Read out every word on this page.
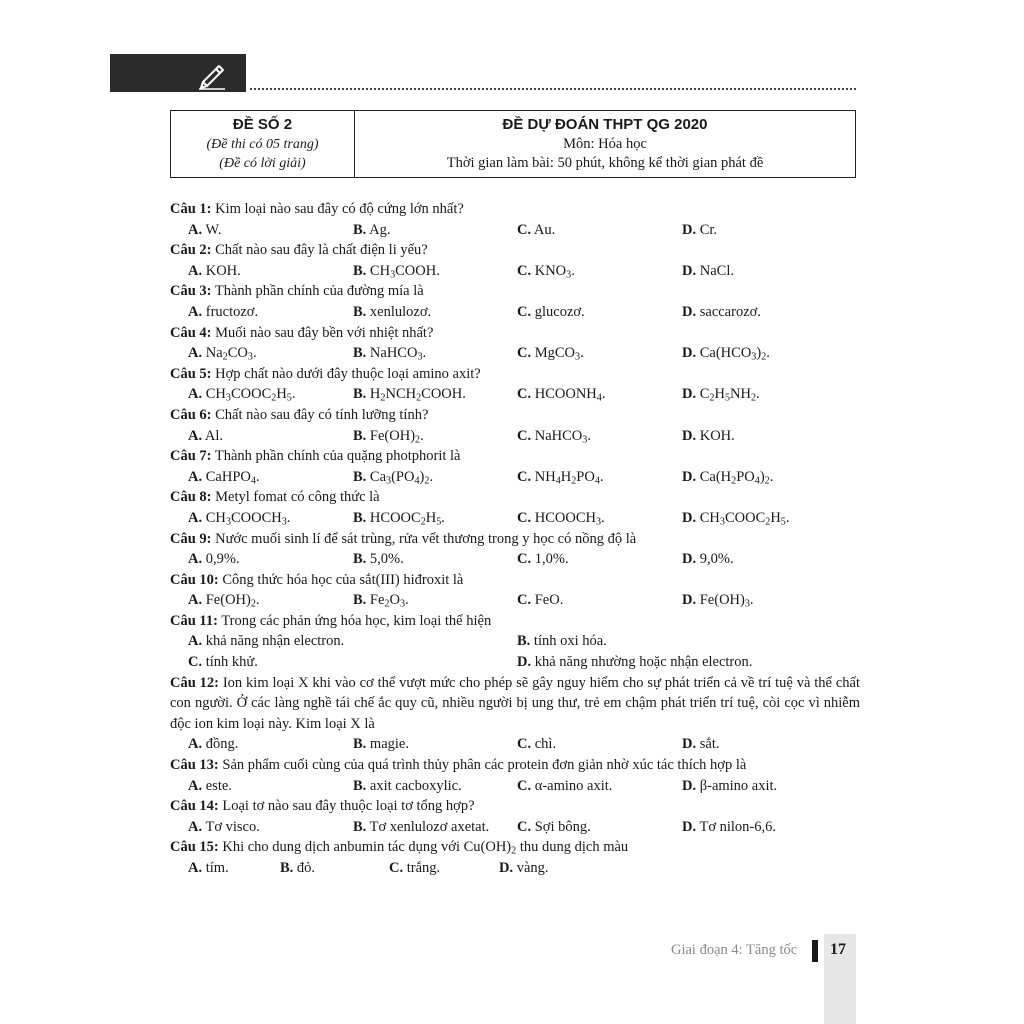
ĐỀ SỐ 2
(Đề thi có 05 trang)
(Đề có lời giải)
ĐỀ DỰ ĐOÁN THPT QG 2020
Môn: Hóa học
Thời gian làm bài: 50 phút, không kể thời gian phát đề
Câu 1: Kim loại nào sau đây có độ cứng lớn nhất?
A. W.	B. Ag.	C. Au.	D. Cr.
Câu 2: Chất nào sau đây là chất điện li yếu?
A. KOH.	B. $CH_3COOH$.	C. $KNO_3$.	D. NaCl.
Câu 3: Thành phần chính của đường mía là
A. fructozơ.	B. xenlulozơ.	C. glucozơ.	D. saccarozơ.
Câu 4: Muối nào sau đây bền với nhiệt nhất?
A. $Na_2CO_3$.	B. NaHCO$_3$.	C. MgCO$_3$.	D. $Ca(HCO_3)_2$.
Câu 5: Hợp chất nào dưới đây thuộc loại amino axit?
A. $CH_3COOC_2H_5$.	B. $H_2NCH_2COOH$.	C. $HCOONH_4$.	D. $C_2H_5NH_2$.
Câu 6: Chất nào sau đây có tính lưỡng tính?
A. Al.	B. $Fe(OH)_2$.	C. NaHCO$_3$.	D. KOH.
Câu 7: Thành phần chính của quặng photphorit là
A. CaHPO$_4$.	B. $Ca_3(PO_4)_2$.	C. $NH_4H_2PO_4$.	D. $Ca(H_2PO_4)_2$.
Câu 8: Metyl fomat có công thức là
A. $CH_3COOCH_3$.	B. $HCOOC_2H_5$.	C. $HCOOCH_3$.	D. $CH_3COOC_2H_5$.
Câu 9: Nước muối sinh lí để sát trùng, rửa vết thương trong y học có nồng độ là
A. 0,9%.	B. 5,0%.	C. 1,0%.	D. 9,0%.
Câu 10: Công thức hóa học của sắt(III) hiđroxit là
A. $Fe(OH)_2$.	B. $Fe_2O_3$.	C. FeO.	D. $Fe(OH)_3$.
Câu 11: Trong các phản ứng hóa học, kim loại thể hiện
A. khả năng nhận electron.	B. tính oxi hóa.
C. tính khử.	D. khả năng nhường hoặc nhận electron.
Câu 12: Ion kim loại X khi vào cơ thể vượt mức cho phép sẽ gây nguy hiểm cho sự phát triển cả về trí tuệ và thể chất con người. Ở các làng nghề tái chế ắc quy cũ, nhiều người bị ung thư, trẻ em chậm phát triển trí tuệ, còi cọc vì nhiễm độc ion kim loại này. Kim loại X là
A. đồng.	B. magie.	C. chì.	D. sắt.
Câu 13: Sản phẩm cuối cùng của quá trình thủy phân các protein đơn giản nhờ xúc tác thích hợp là
A. este.	B. axit cacboxylic.	C. α-amino axit.	D. β-amino axit.
Câu 14: Loại tơ nào sau đây thuộc loại tơ tổng hợp?
A. Tơ visco.	B. Tơ xenlulozơ axetat. C. Sợi bông.	D. Tơ nilon-6,6.
Câu 15: Khi cho dung dịch anbumin tác dụng với $Cu(OH)_2$ thu dung dịch màu
A. tím.	B. đỏ.	C. trắng.	D. vàng.
Giai đoạn 4: Tăng tốc 17
